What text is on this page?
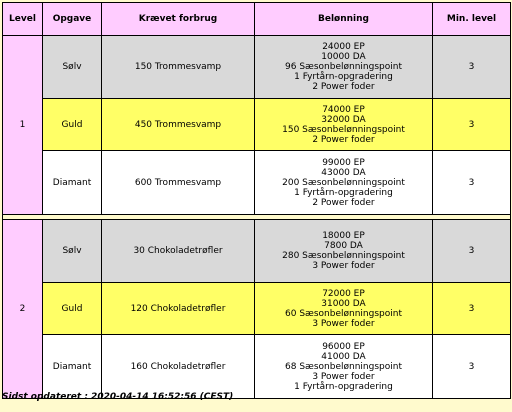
Level	Opgave	Krævet forbrug	Belønning	Min. level
1	Sølv	150 Trommesvamp	24000 EP
10000 DA
96 Sæsonbelønningspoint
1 Fyrtårn-opgradering
2 Power foder	3
	Guld	450 Trommesvamp	74000 EP
32000 DA
150 Sæsonbelønningspoint
2 Power foder	3
	Diamant	600 Trommesvamp	99000 EP
43000 DA
200 Sæsonbelønningspoint
1 Fyrtårn-opgradering
2 Power foder	3

2	Sølv	30 Chokoladetrøfler	18000 EP
7800 DA
280 Sæsonbelønningspoint
3 Power foder	3
	Guld	120 Chokoladetrøfler	72000 EP
31000 DA
60 Sæsonbelønningspoint
3 Power foder	3
	Diamant	160 Chokoladetrøfler	96000 EP
41000 DA
68 Sæsonbelønningspoint
3 Power foder
1 Fyrtårn-opgradering	3
Sidst opdateret : 2020-04-14 16:52:56 (CEST)
